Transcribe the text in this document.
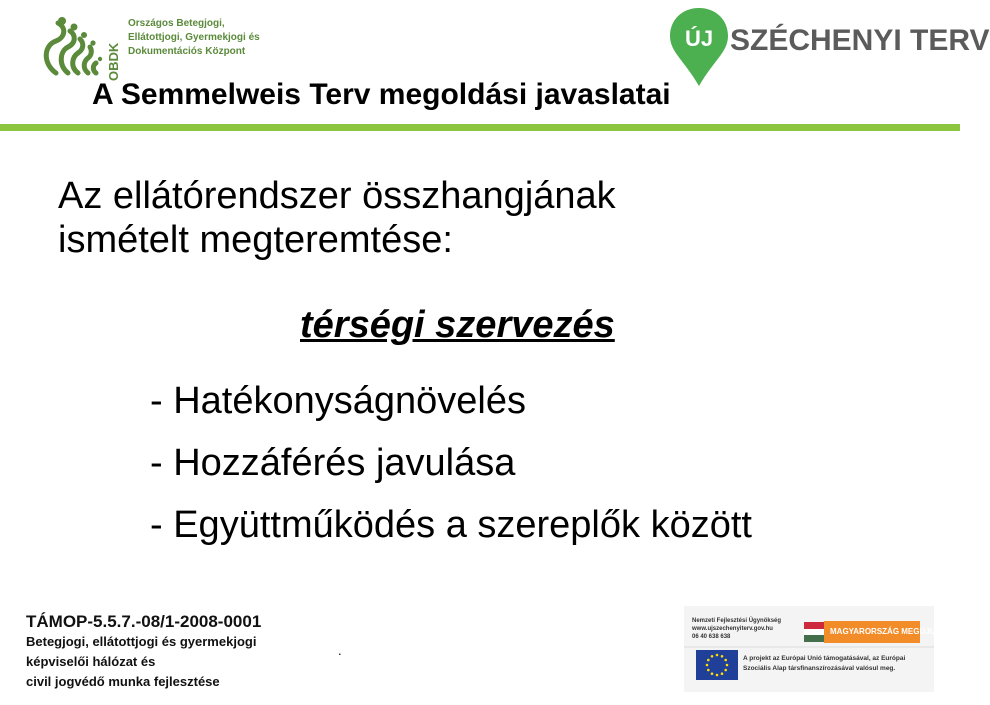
OBDK
Országos Betegjogi,
Ellátottjogi, Gyermekjogi és
Dokumentációs Központ
ÚJ SZÉCHENYI TERV
A Semmelweis Terv megoldási javaslatai
Az ellátórendszer összhangjának
ismételt megteremtése:
térségi szervezés
- Hatékonyságnövelés
- Hozzáférés javulása
- Együttműködés a szereplők között
TÁMOP-5.5.7.-08/1-2008-0001
Betegjogi, ellátottjogi és gyermekjogi
képviselői hálózat és
civil jogvédő munka fejlesztése
.
Nemzeti Fejlesztési Ügynökség
www.ujszechenyiterv.gov.hu
06 40 638 638
MAGYARORSZÁG MEGÚJUL
A projekt az Európai Unió támogatásával, az Európai
Szociális Alap társfinanszírozásával valósul meg.
